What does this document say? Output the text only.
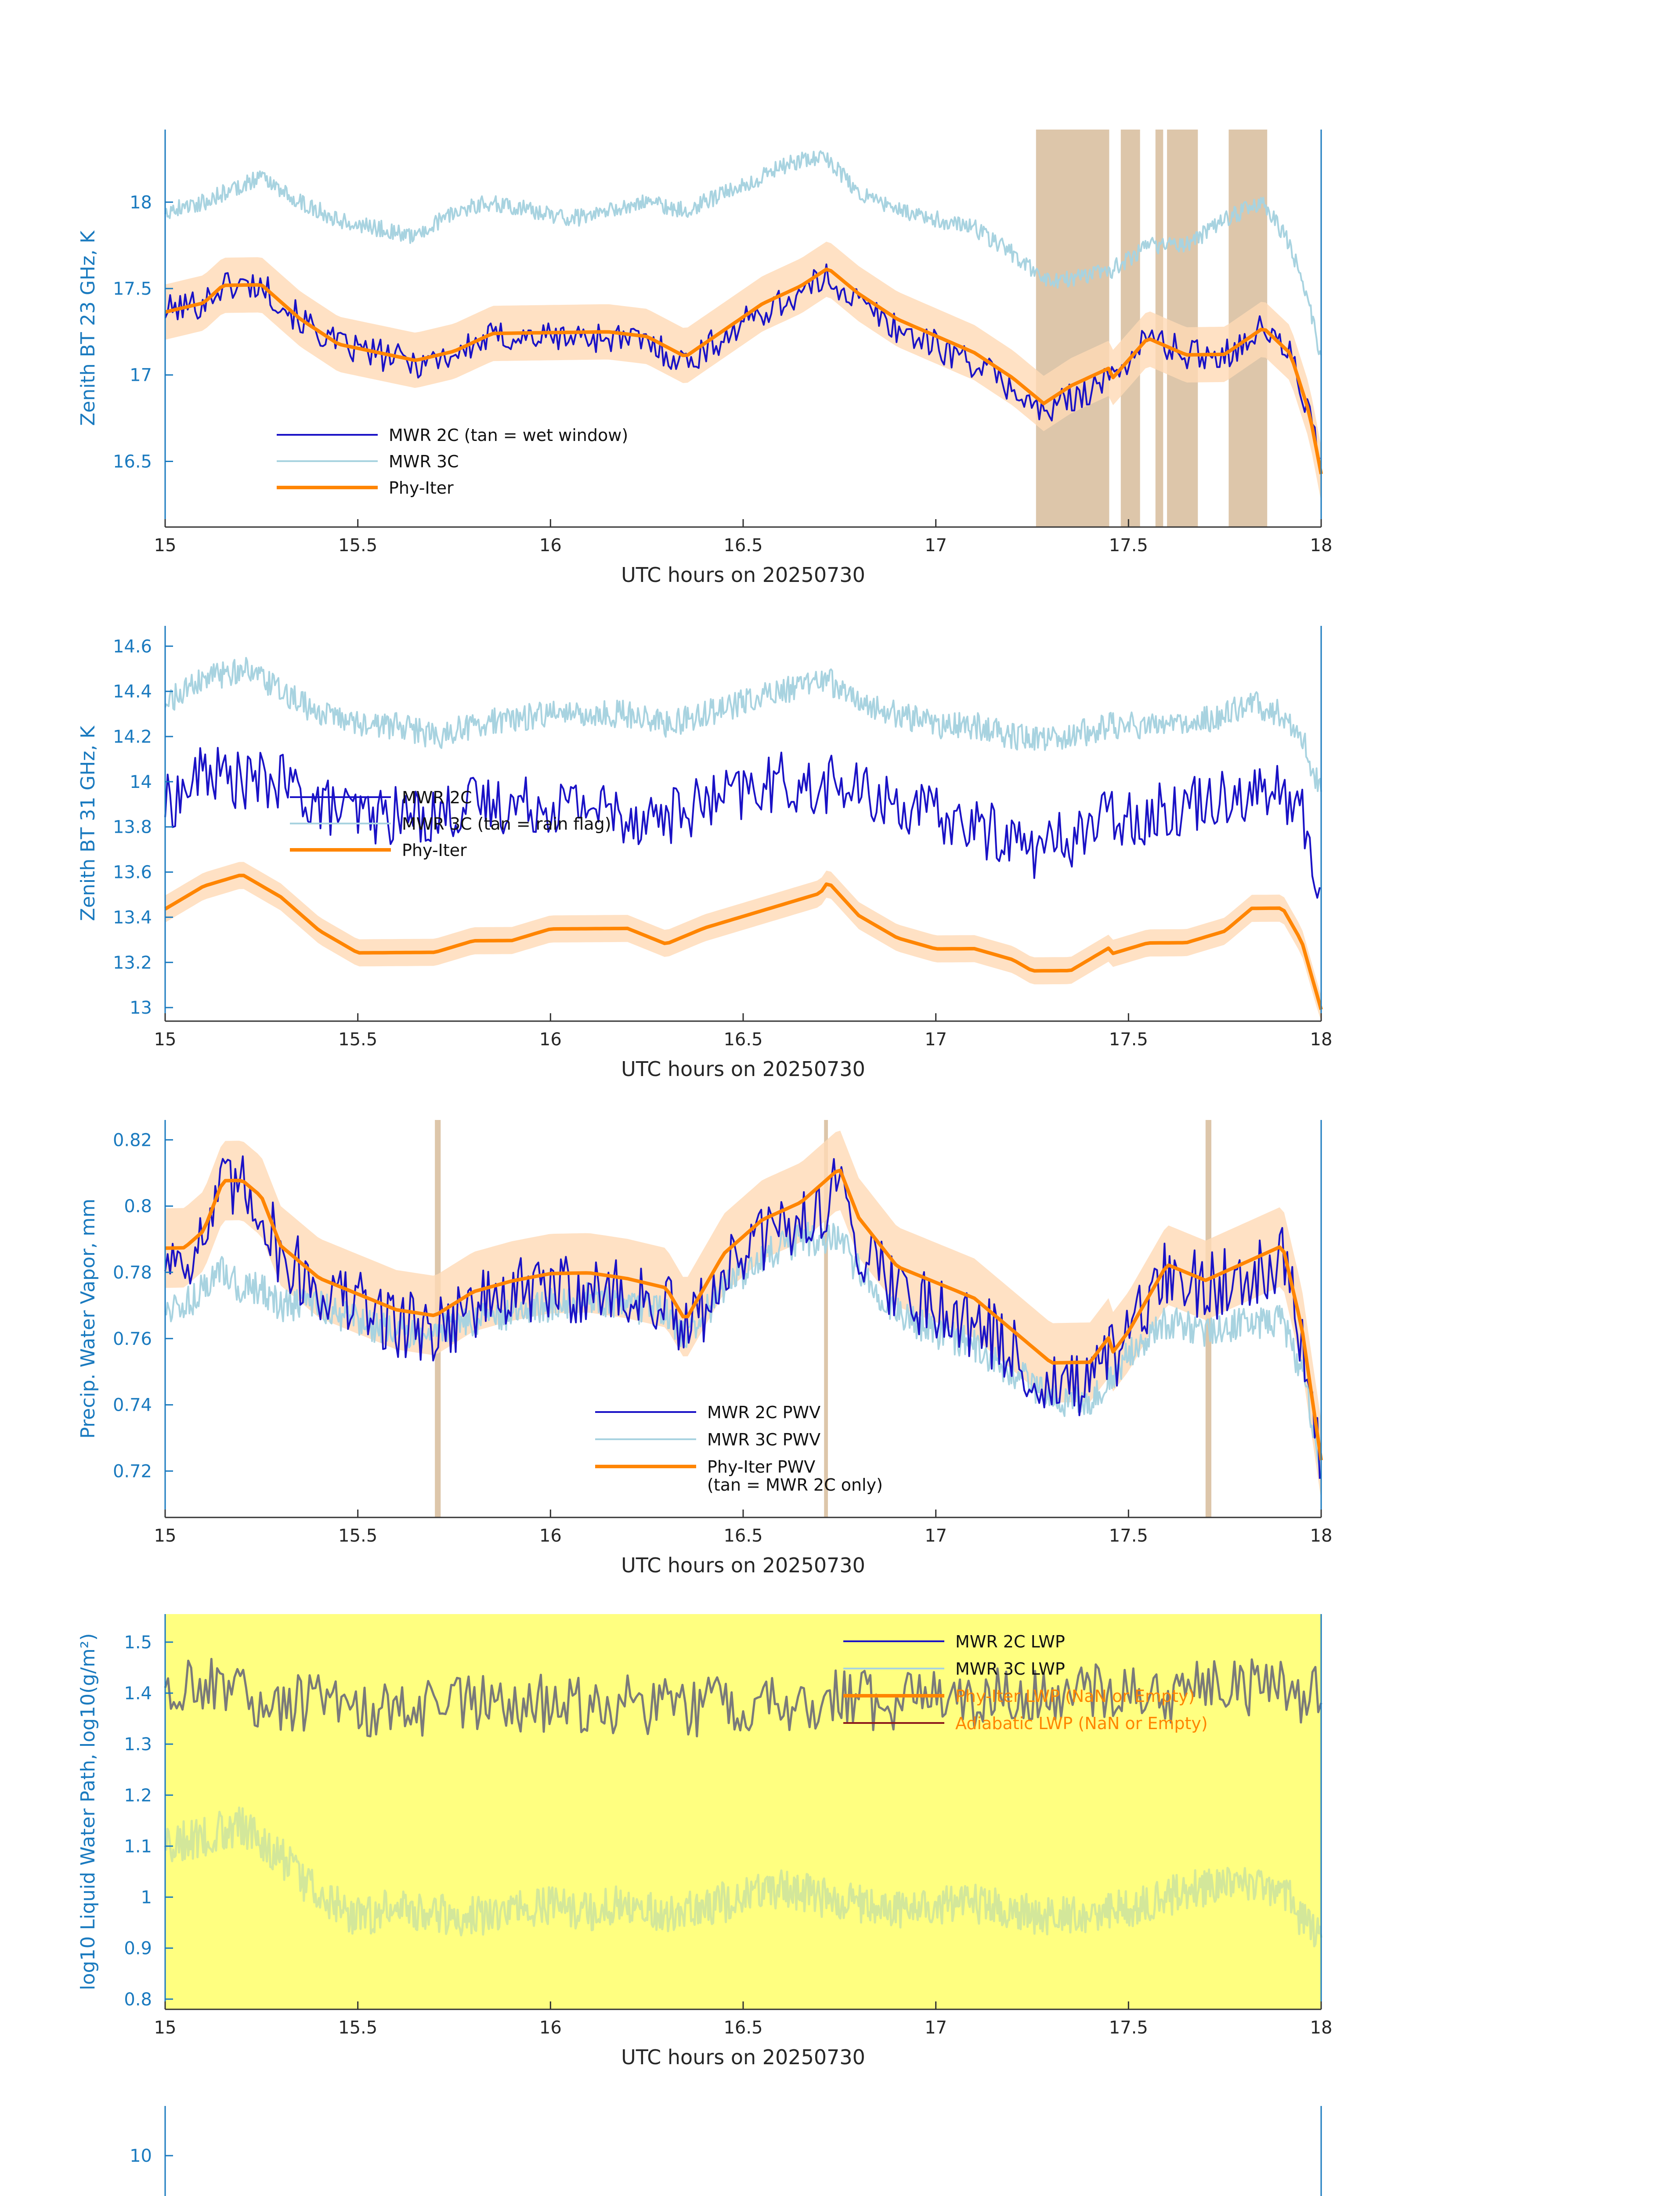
15	15.5	16	16.5	17	17.5	18
UTC hours on 20250730
16.5
17
17.5
18
Zenith BT 23 GHz, K
MWR 2C (tan = wet window)
MWR 3C
Phy-Iter
15	15.5	16	16.5	17	17.5	18
UTC hours on 20250730
13
13.2
13.4
13.6
13.8
14
14.2
14.4
14.6
Zenith BT 31 GHz, K	MWR 2C
MWR 3C (tan = rain flag)
Phy-Iter
15	15.5	16	16.5	17	17.5	18
UTC hours on 20250730
0.72
0.74
0.76
0.78
0.8
0.82
Precip. Water Vapor, mm	MWR 2C PWV
MWR 3C PWV
Phy-Iter PWV
(tan = MWR 2C only)
15	15.5	16	16.5	17	17.5	18
UTC hours on 20250730
0.8
0.9
1
1.1
1.2
1.3
1.4
1.5
log10 Liquid Water Path, log10(g/m²)	MWR 2C LWP
MWR 3C LWP
Phy-Iter LWP (NaN or Empty)
Adiabatic LWP (NaN or Empty)
10
